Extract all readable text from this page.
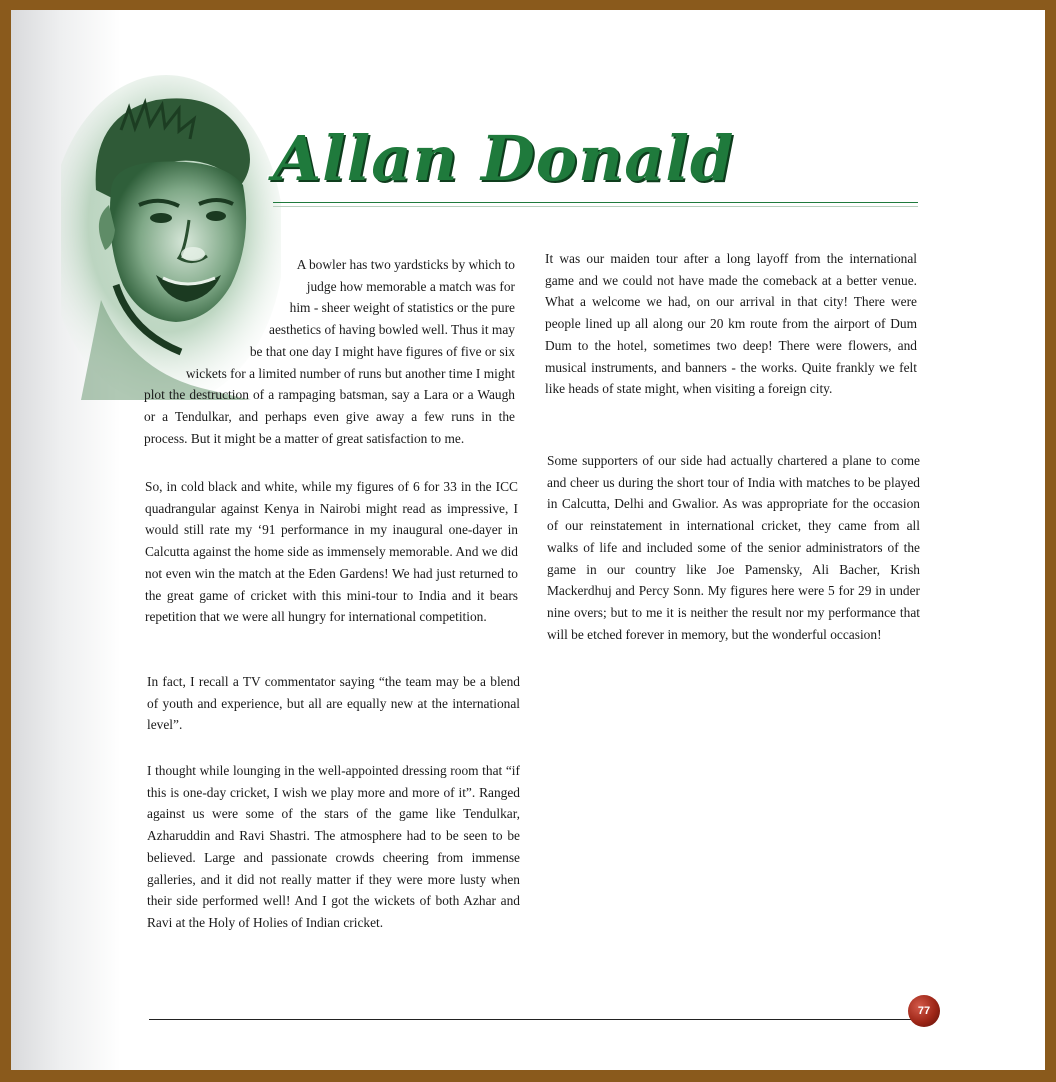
Allan Donald
A bowler has two yardsticks by which to
judge how memorable a match was for
him - sheer weight of statistics or the pure
aesthetics of having bowled well. Thus it may
be that one day I might have figures of five or six
wickets for a limited number of runs but another time I might
plot the destruction of a rampaging batsman, say a Lara or a Waugh or a Tendulkar, and perhaps even give away a few runs in the process. But it might be a matter of great satisfaction to me.

So, in cold black and white, while my figures of 6 for 33 in the ICC quadrangular against Kenya in Nairobi might read as impressive, I would still rate my ‘91 performance in my inaugural one-dayer in Calcutta against the home side as immensely memorable. And we did not even win the match at the Eden Gardens! We had just returned to the great game of cricket with this mini-tour to India and it bears repetition that we were all hungry for international competition.

In fact, I recall a TV commentator saying “the team may be a blend of youth and experience, but all are equally new at the international level”.

I thought while lounging in the well-appointed dressing room that “if this is one-day cricket, I wish we play more and more of it”. Ranged against us were some of the stars of the game like Tendulkar, Azharuddin and Ravi Shastri. The atmosphere had to be seen to be believed. Large and passionate crowds cheering from immense galleries, and it did not really matter if they were more lusty when their side performed well! And I got the wickets of both Azhar and Ravi at the Holy of Holies of Indian cricket.

It was our maiden tour after a long layoff from the international game and we could not have made the comeback at a better venue. What a welcome we had, on our arrival in that city! There were people lined up all along our 20 km route from the airport of Dum Dum to the hotel, sometimes two deep! There were flowers, and musical instruments, and banners - the works. Quite frankly we felt like heads of state might, when visiting a foreign city.

Some supporters of our side had actually chartered a plane to come and cheer us during the short tour of India with matches to be played in Calcutta, Delhi and Gwalior. As was appropriate for the occasion of our reinstatement in international cricket, they came from all walks of life and included some of the senior administrators of the game in our country like Joe Pamensky, Ali Bacher, Krish Mackerdhuj and Percy Sonn. My figures here were 5 for 29 in under nine overs; but to me it is neither the result nor my performance that will be etched forever in memory, but the wonderful occasion!

77
